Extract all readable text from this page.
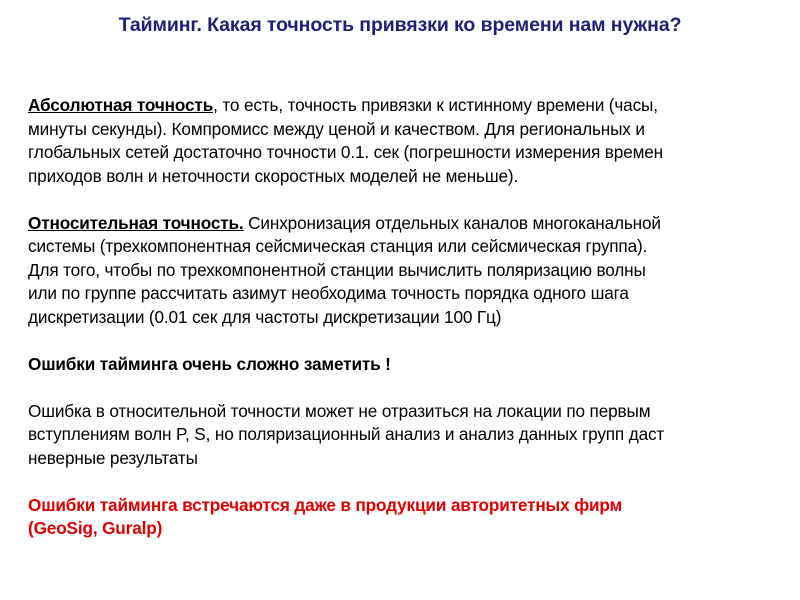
Тайминг. Какая точность привязки ко времени нам нужна?
Абсолютная точность, то есть, точность привязки к истинному времени (часы,
минуты секунды). Компромисс между ценой и качеством. Для региональных и
глобальных сетей достаточно точности 0.1. сек (погрешности измерения времен
приходов волн и неточности скоростных моделей не меньше).
Относительная точность. Синхронизация отдельных каналов многоканальной
системы (трехкомпонентная сейсмическая станция или сейсмическая группа).
Для того, чтобы по трехкомпонентной станции вычислить поляризацию волны
или по группе рассчитать азимут необходима точность порядка одного шага
дискретизации (0.01 сек для частоты дискретизации 100 Гц)
Ошибки тайминга очень сложно заметить !
Ошибка в относительной точности может не отразиться на локации по первым
вступлениям волн P, S, но поляризационный анализ и анализ данных групп даст
неверные результаты
Ошибки тайминга встречаются даже в продукции авторитетных фирм
(GeoSig, Guralp)
